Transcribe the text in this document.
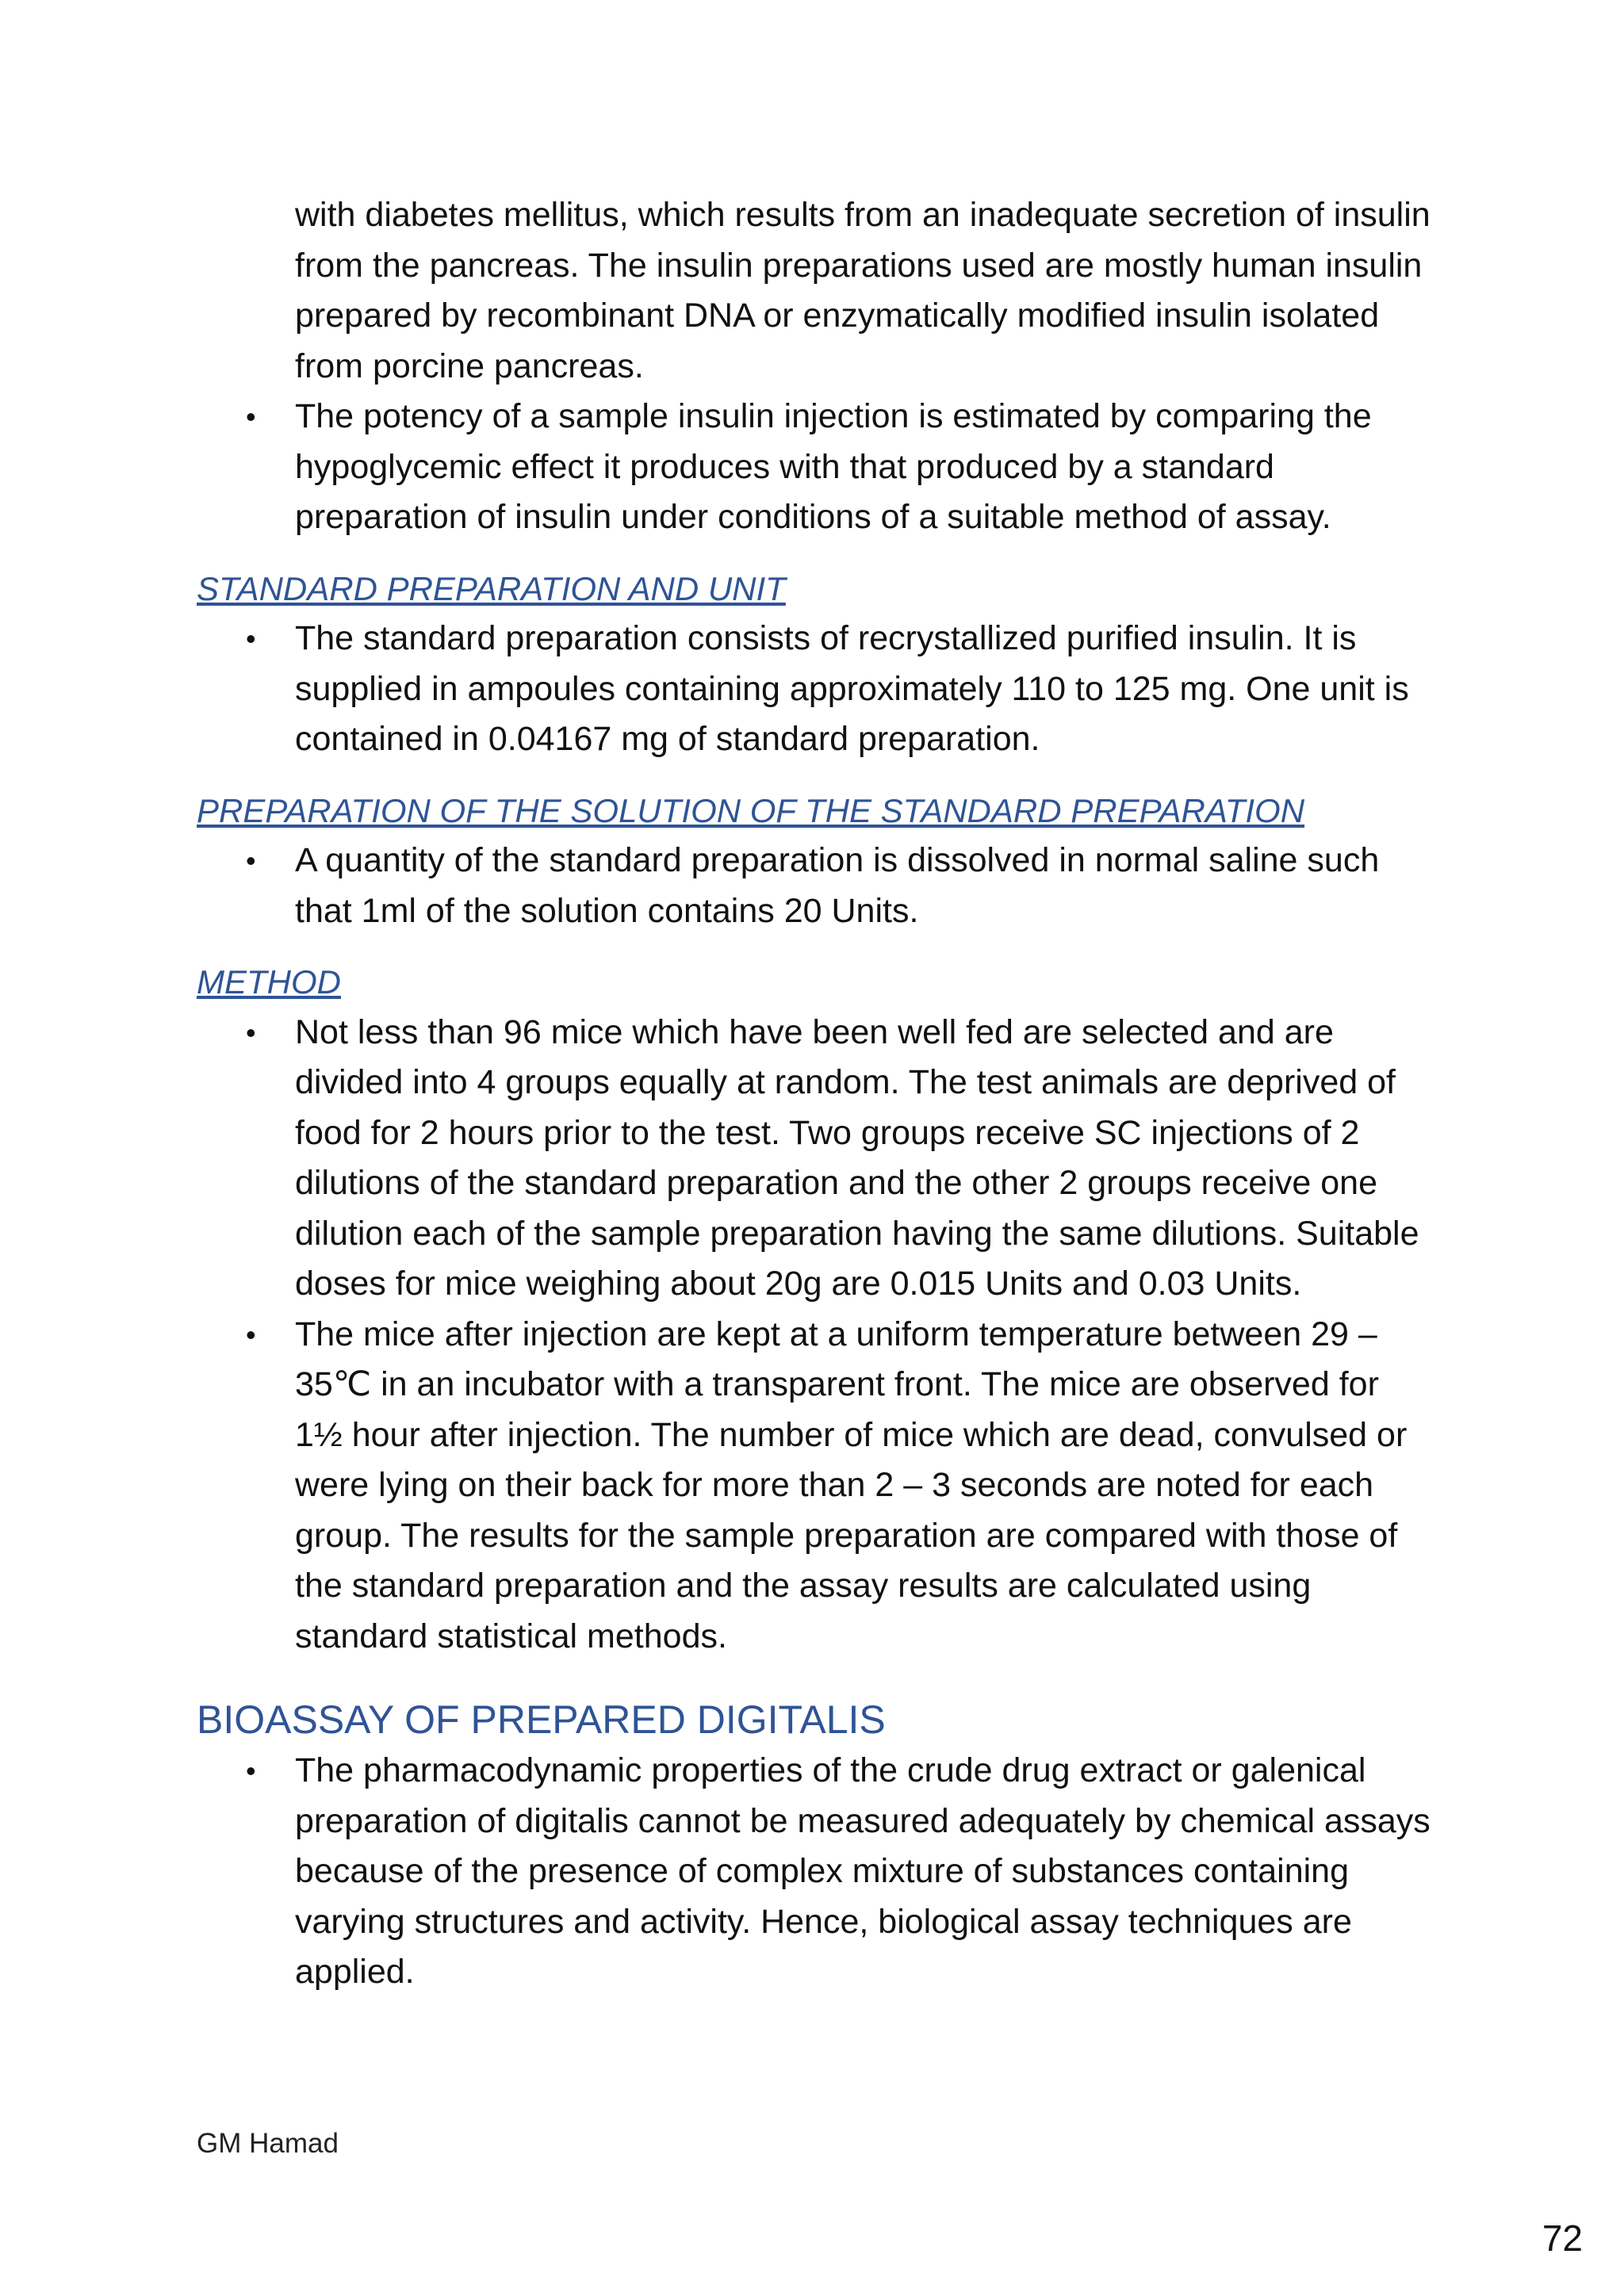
with diabetes mellitus, which results from an inadequate secretion of insulin from the pancreas. The insulin preparations used are mostly human insulin prepared by recombinant DNA or enzymatically modified insulin isolated from porcine pancreas.

• The potency of a sample insulin injection is estimated by comparing the hypoglycemic effect it produces with that produced by a standard preparation of insulin under conditions of a suitable method of assay.
STANDARD PREPARATION AND UNIT
• The standard preparation consists of recrystallized purified insulin. It is supplied in ampoules containing approximately 110 to 125 mg. One unit is contained in 0.04167 mg of standard preparation.
PREPARATION OF THE SOLUTION OF THE STANDARD PREPARATION
• A quantity of the standard preparation is dissolved in normal saline such that 1ml of the solution contains 20 Units.
METHOD
• Not less than 96 mice which have been well fed are selected and are divided into 4 groups equally at random. The test animals are deprived of food for 2 hours prior to the test. Two groups receive SC injections of 2 dilutions of the standard preparation and the other 2 groups receive one dilution each of the sample preparation having the same dilutions. Suitable doses for mice weighing about 20g are 0.015 Units and 0.03 Units.
• The mice after injection are kept at a uniform temperature between 29 – 35℃ in an incubator with a transparent front. The mice are observed for 1½ hour after injection. The number of mice which are dead, convulsed or were lying on their back for more than 2 – 3 seconds are noted for each group. The results for the sample preparation are compared with those of the standard preparation and the assay results are calculated using standard statistical methods.
BIOASSAY OF PREPARED DIGITALIS
• The pharmacodynamic properties of the crude drug extract or galenical preparation of digitalis cannot be measured adequately by chemical assays because of the presence of complex mixture of substances containing varying structures and activity. Hence, biological assay techniques are applied.
GM Hamad
72
